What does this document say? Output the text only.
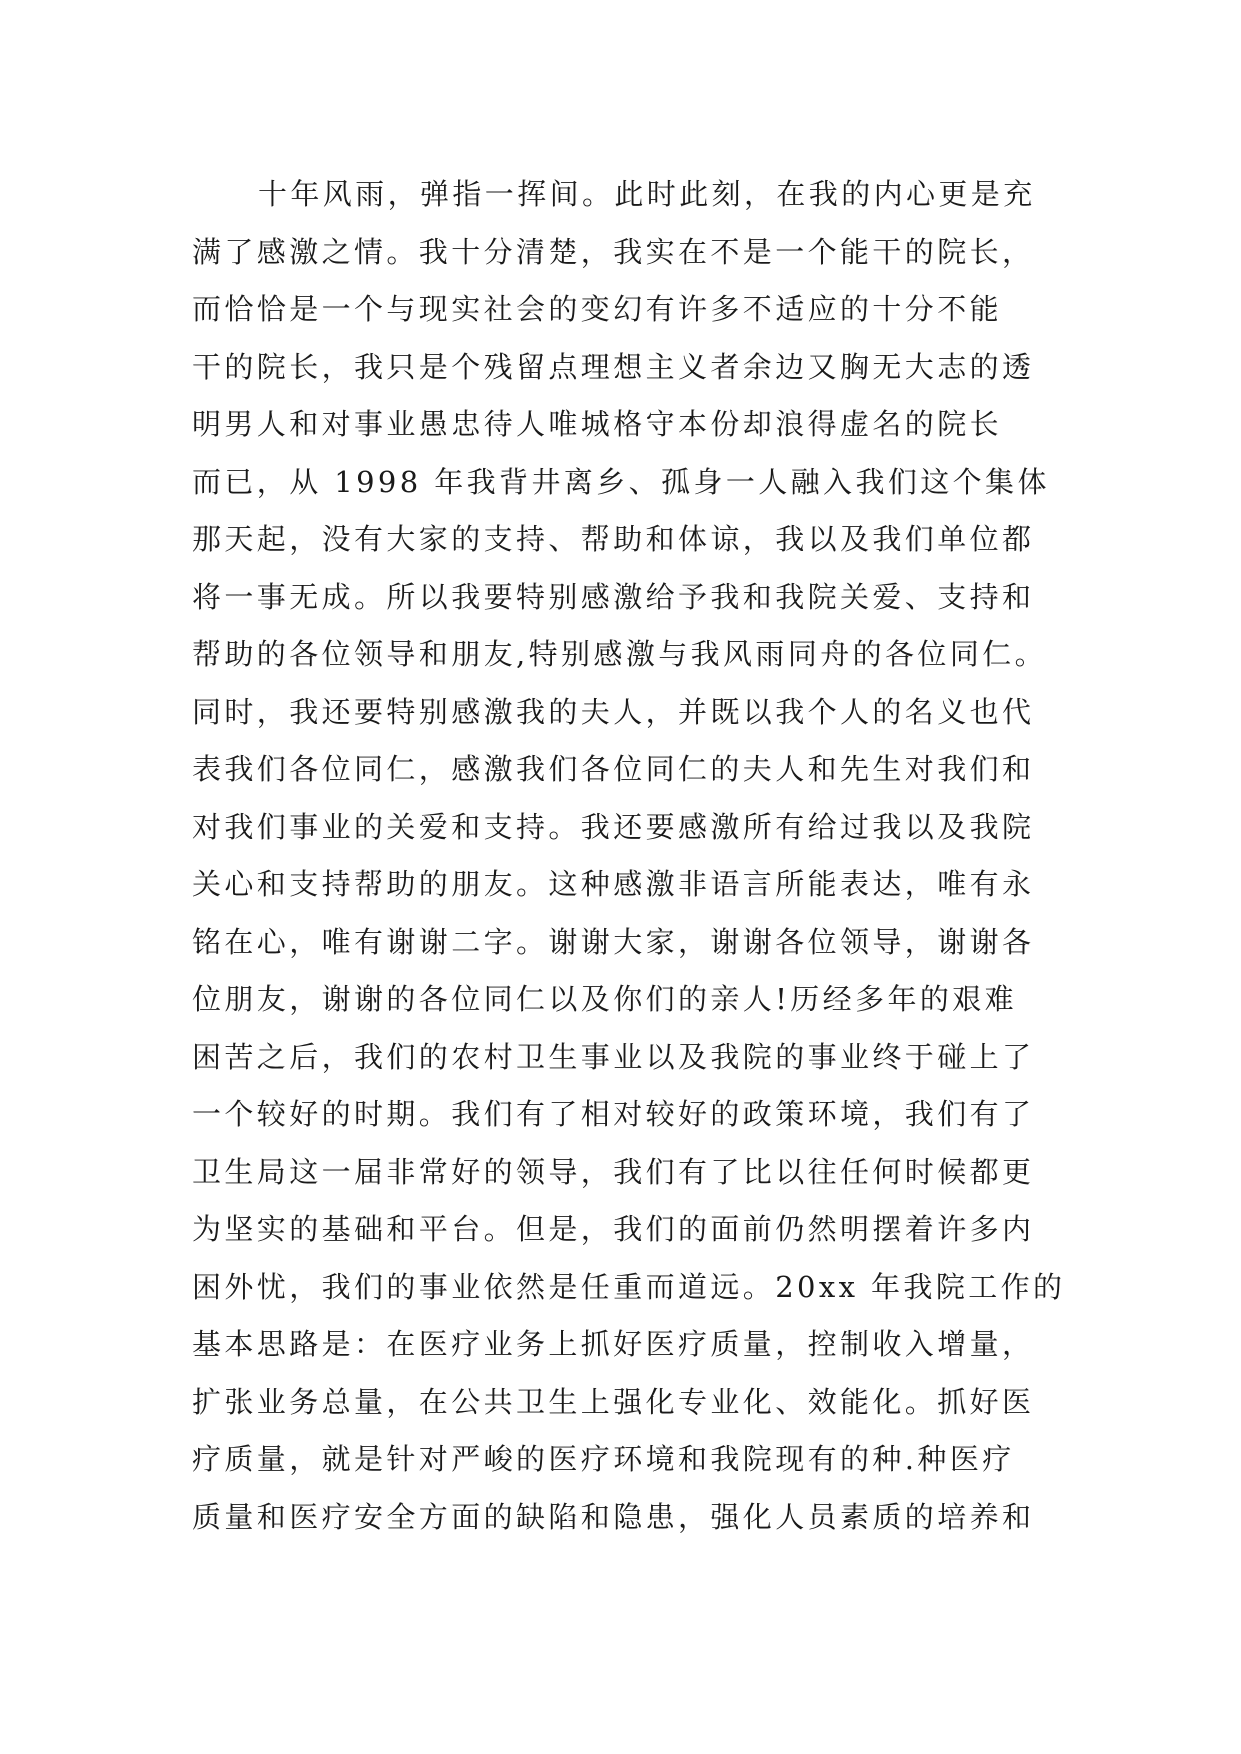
十年风雨，弹指一挥间。此时此刻，在我的内心更是充
满了感激之情。我十分清楚，我实在不是一个能干的院长，
而恰恰是一个与现实社会的变幻有许多不适应的十分不能
干的院长，我只是个残留点理想主义者余边又胸无大志的透
明男人和对事业愚忠待人唯城格守本份却浪得虚名的院长
而已，从 1998 年我背井离乡、孤身一人融入我们这个集体
那天起，没有大家的支持、帮助和体谅，我以及我们单位都
将一事无成。所以我要特别感激给予我和我院关爱、支持和
帮助的各位领导和朋友,特别感激与我风雨同舟的各位同仁。
同时，我还要特别感激我的夫人，并既以我个人的名义也代
表我们各位同仁，感激我们各位同仁的夫人和先生对我们和
对我们事业的关爱和支持。我还要感激所有给过我以及我院
关心和支持帮助的朋友。这种感激非语言所能表达，唯有永
铭在心，唯有谢谢二字。谢谢大家，谢谢各位领导，谢谢各
位朋友，谢谢的各位同仁以及你们的亲人!历经多年的艰难
困苦之后，我们的农村卫生事业以及我院的事业终于碰上了
一个较好的时期。我们有了相对较好的政策环境，我们有了
卫生局这一届非常好的领导，我们有了比以往任何时候都更
为坚实的基础和平台。但是，我们的面前仍然明摆着许多内
困外忧，我们的事业依然是任重而道远。20xx 年我院工作的
基本思路是：在医疗业务上抓好医疗质量，控制收入增量，
扩张业务总量，在公共卫生上强化专业化、效能化。抓好医
疗质量，就是针对严峻的医疗环境和我院现有的种.种医疗
质量和医疗安全方面的缺陷和隐患，强化人员素质的培养和
